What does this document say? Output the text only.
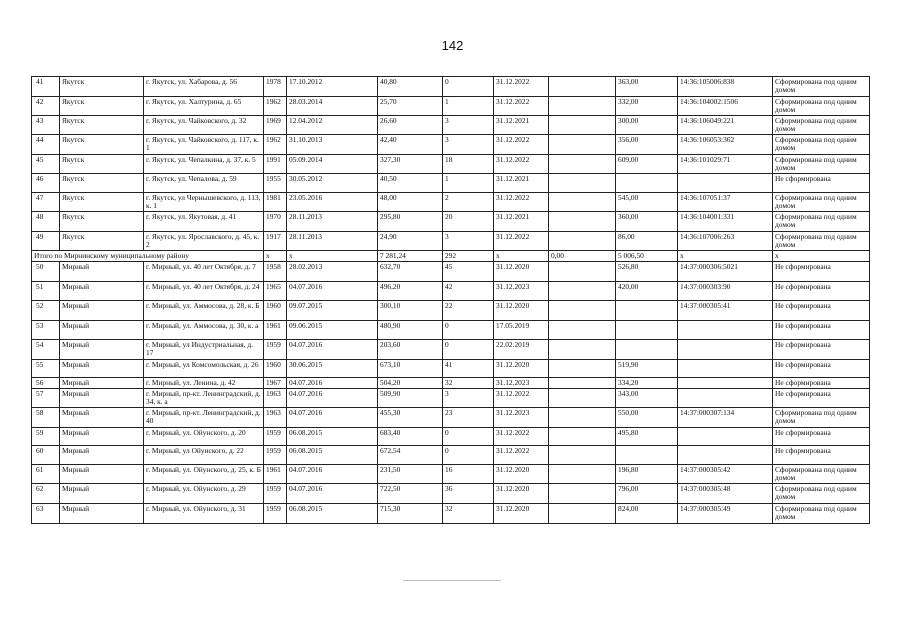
142
41	Якутск	г. Якутск, ул. Хабарова, д. 56	1978	17.10.2012	40,80	0	31.12.2022		363,00	14:36:105006:838	Сформирована под одним домом
42	Якутск	г. Якутск, ул. Халтурина, д. 65	1962	28.03.2014	25,70	1	31.12.2022		332,00	14:36:104002:1506	Сформирована под одним домом
43	Якутск	г. Якутск, ул. Чайковского, д. 32	1969	12.04.2012	26,60	3	31.12.2021		300,00	14:36:106049:221	Сформирована под одним домом
44	Якутск	г. Якутск, ул. Чайковского, д. 117, к. 1	1962	31.10.2013	42,40	3	31.12.2022		356,00	14:36:106053:362	Сформирована под одним домом
45	Якутск	г. Якутск, ул. Чепалкина, д. 37, к. 5	1991	05.09.2014	327,30	18	31.12.2022		609,00	14:36:101029:71	Сформирована под одним домом
46	Якутск	г. Якутск, ул. Чепалова, д. 59	1955	30.05.2012	40,50	1	31.12.2021				Не сформирована
47	Якутск	г. Якутск, ул Чернышевского, д. 113, к. 1	1981	23.05.2016	48,00	2	31.12.2022		545,00	14:36:107051:37	Сформирована под одним домом
48	Якутск	г. Якутск, ул. Якутовая, д. 41	1970	28.11.2013	295,80	20	31.12.2021		360,00	14:36:104001:331	Сформирована под одним домом
49	Якутск	г. Якутск, ул. Ярославского, д. 45, к. 2	1917	28.11.2013	24,90	3	31.12.2022		86,00	14:36:107006:263	Сформирована под одним домом
Итого по Мирнинскому муниципальному району			x	x	7 281,24	292	x	0,00	5 006,50	x	x
50	Мирный	г. Мирный, ул. 40 лет Октября, д. 7	1958	28.02.2013	632,70	45	31.12.2020		526,80	14:37:000306:5021	Не сформирована
51	Мирный	г. Мирный, ул. 40 лет Октября, д. 24	1965	04.07.2016	496,20	42	31.12.2023		420,00	14:37:000303:90	Не сформирована
52	Мирный	г. Мирный, ул. Аммосова, д. 28, к. Б	1960	09.07.2015	300,10	22	31.12.2020			14:37:000305:41	Не сформирована
53	Мирный	г. Мирный, ул. Аммосова, д. 30, к. а	1961	09.06.2015	480,90	0	17.05.2019				Не сформирована
54	Мирный	г. Мирный, ул Индустриальная, д. 17	1959	04.07.2016	203,60	0	22.02.2019				Не сформирована
55	Мирный	г. Мирный, ул Комсомольская, д. 26	1960	30.06.2015	673,10	41	31.12.2020		519,90		Не сформирована
56	Мирный	г. Мирный, ул. Ленина, д. 42	1967	04.07.2016	504,20	32	31.12.2023		334,20		Не сформирована
57	Мирный	г. Мирный, пр-кт. Ленинградский, д. 34, к. а	1963	04.07.2016	509,90	3	31.12.2022		343,00		Не сформирована
58	Мирный	г. Мирный, пр-кт. Ленинградский, д. 40	1963	04.07.2016	455,30	23	31.12.2023		550,00	14:37:000307:134	Сформирована под одним домом
59	Мирный	г. Мирный, ул. Ойунского, д. 20	1959	06.08.2015	683,40	0	31.12.2022		495,80		Не сформирована
60	Мирный	г. Мирный, ул Ойунского, д. 22	1959	06.08.2015	672,54	0	31.12.2022				Не сформирована
61	Мирный	г. Мирный, ул. Ойунского, д. 25, к. Б	1961	04.07.2016	231,50	16	31.12.2020		196,80	14:37:000305:42	Сформирована под одним домом
62	Мирный	г. Мирный, ул. Ойунского, д. 29	1959	04.07.2016	722,50	36	31.12.2020		796,00	14:37:000305:48	Сформирована под одним домом
63	Мирный	г. Мирный, ул. Ойунского, д. 31	1959	06.08.2015	715,30	32	31.12.2020		824,00	14:37:000305:49	Сформирована под одним домом
